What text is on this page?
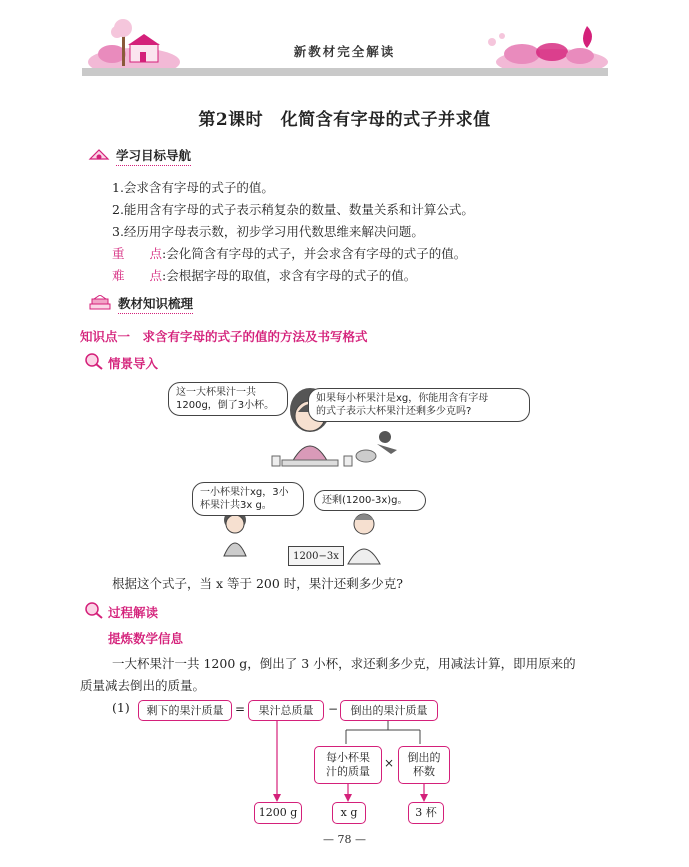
新教材完全解读
第2课时　化简含有字母的式子并求值
学习目标导航
1.会求含有字母的式子的值。
2.能用含有字母的式子表示稍复杂的数量、数量关系和计算公式。
3.经历用字母表示数，初步学习用代数思维来解决问题。
重　　点:会化简含有字母的式子，并会求含有字母的式子的值。
难　　点:会根据字母的取值，求含有字母的式子的值。
教材知识梳理
知识点一　求含有字母的式子的值的方法及书写格式
情景导入
这一大杯果汁一共
1200g，倒了3小杯。
如果每小杯果汁是xg，你能用含有字母
的式子表示大杯果汁还剩多少克吗?
一小杯果汁xg，3小
杯果汁共3x g。	还剩(1200-3x)g。
1200−3x
根据这个式子，当 x 等于 200 时，果汁还剩多少克?
过程解读
提炼数学信息
一大杯果汁一共 1200 g，倒出了 3 小杯，求还剩多少克，用减法计算，即用原来的
质量减去倒出的质量。
(1)	剩下的果汁质量 =	果汁总质量	−	倒出的果汁质量
每小杯果
汁的质量
× 倒出的
杯数
1200 g	x g	3 杯
— 78 —
